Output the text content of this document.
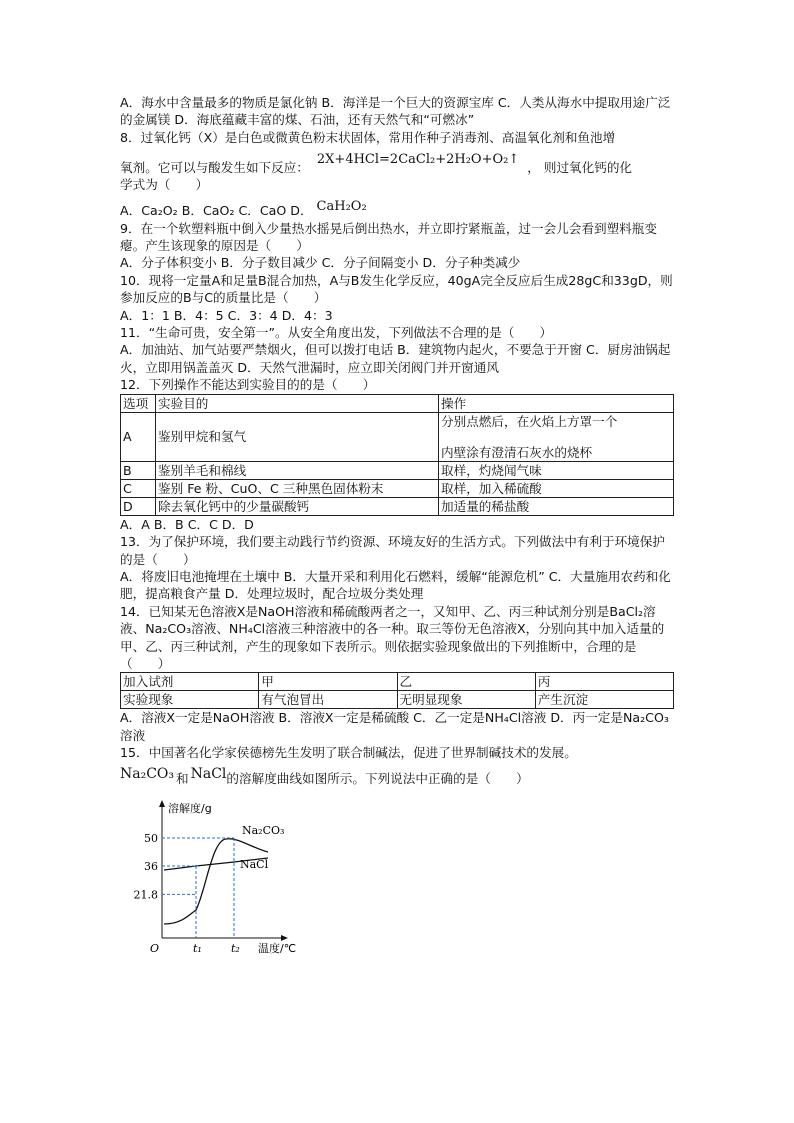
A．海水中含量最多的物质是氯化钠 B．海洋是一个巨大的资源宝库 C．人类从海水中提取用途广泛的金属镁 D．海底蕴藏丰富的煤、石油，还有天然气和“可燃冰”

8．过氧化钙（X）是白色或微黄色粉末状固体，常用作种子消毒剂、高温氧化剂和鱼池增

氧剂。它可以与酸发生如下反应：
2X+4HCl=2CaCl₂+2H₂O+O₂↑
， 则过氧化钙的化

学式为（　　）

A．Ca₂O₂ B．CaO₂ C．CaO D． CaH₂O₂

9．在一个软塑料瓶中倒入少量热水摇晃后倒出热水，并立即拧紧瓶盖，过一会儿会看到塑料瓶变瘪。产生该现象的原因是（　　）

A．分子体积变小 B．分子数目减少 C．分子间隔变小 D．分子种类减少

10．现将一定量A和足量B混合加热，A与B发生化学反应，40gA完全反应后生成28gC和33gD，则参加反应的B与C的质量比是（　　）

A．1：1 B．4：5 C．3：4 D．4：3

11．“生命可贵，安全第一”。从安全角度出发，下列做法不合理的是（　　）

A．加油站、加气站要严禁烟火，但可以拨打电话 B．建筑物内起火，不要急于开窗 C．厨房油锅起火，立即用锅盖盖灭 D．天然气泄漏时，应立即关闭阀门并开窗通风

12．下列操作不能达到实验目的的是（　　）

选项	实验目的	操作
A	鉴别甲烷和氢气	分别点燃后，在火焰上方罩一个
内壁涂有澄清石灰水的烧杯

B	鉴别羊毛和棉线	取样，灼烧闻气味
C	鉴别 Fe 粉、CuO、C 三种黑色固体粉末	取样，加入稀硫酸
D	除去氧化钙中的少量碳酸钙	加适量的稀盐酸

A．A B．B C．C D．D

13．为了保护环境，我们要主动践行节约资源、环境友好的生活方式。下列做法中有利于环境保护的是（　　）

A．将废旧电池掩埋在土壤中 B．大量开采和利用化石燃料，缓解“能源危机” C．大量施用农药和化肥，提高粮食产量 D．处理垃圾时，配合垃圾分类处理

14．已知某无色溶液X是NaOH溶液和稀硫酸两者之一，又知甲、乙、丙三种试剂分别是BaCl₂溶液、Na₂CO₃溶液、NH₄Cl溶液三种溶液中的各一种。取三等份无色溶液X，分别向其中加入适量的甲、乙、丙三种试剂，产生的现象如下表所示。则依据实验现象做出的下列推断中，合理的是（　　）

加入试剂	甲	乙	丙
实验现象	有气泡冒出	无明显现象	产生沉淀

A．溶液X一定是NaOH溶液 B．溶液X一定是稀硫酸 C．乙一定是NH₄Cl溶液 D．丙一定是Na₂CO₃溶液

15．中国著名化学家侯德榜先生发明了联合制碱法，促进了世界制碱技术的发展。

Na₂CO₃ 和 NaCl 的溶解度曲线如图所示。下列说法中正确的是（　　）
溶解度/g
温度/℃
O
21.8
36
50
t₁	t₂
Na₂CO₃
NaCl
